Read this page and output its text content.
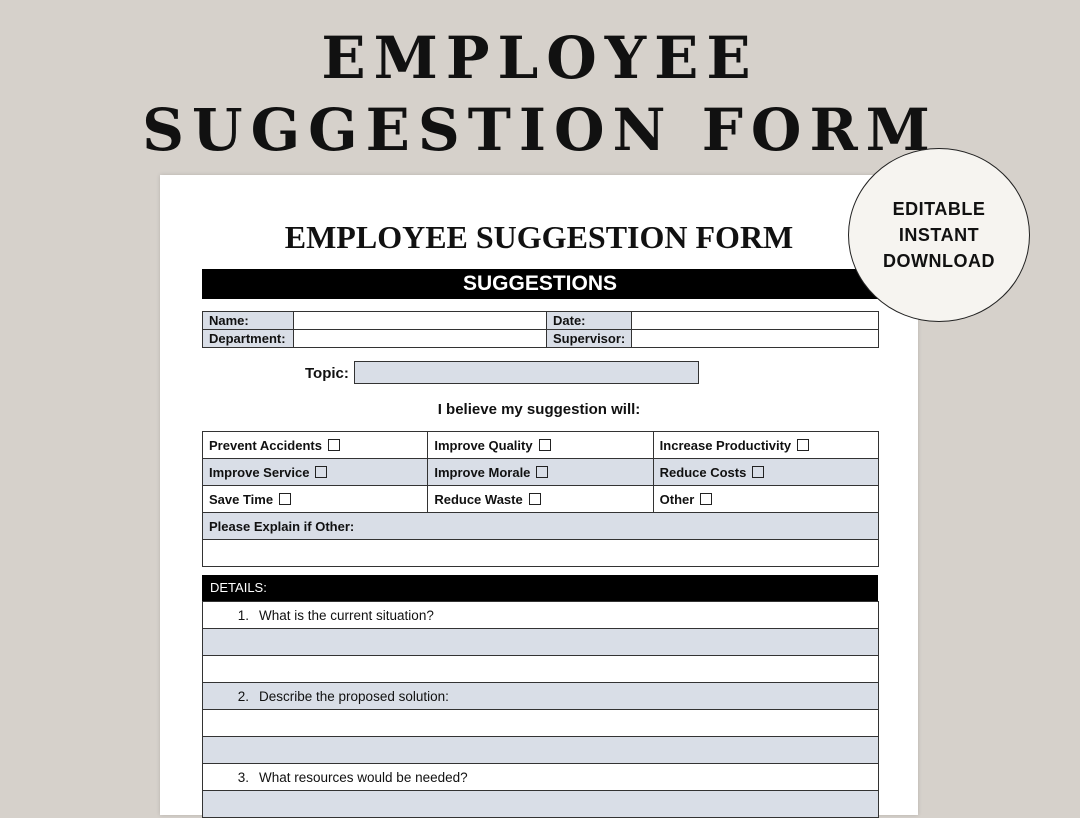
EMPLOYEE
SUGGESTION FORM
EMPLOYEE SUGGESTION FORM
SUGGESTIONS
Name:		Date:	
Department:		Supervisor:	
Topic:
I believe my suggestion will:
Prevent Accidents	Improve Quality	Increase Productivity
Improve Service	Improve Morale	Reduce Costs
Save Time	Reduce Waste	Other
Please Explain if Other:		

DETAILS:
1. What is the current situation?

2. Describe the proposed solution:

3. What resources would be needed?

EDITABLE
INSTANT
DOWNLOAD
